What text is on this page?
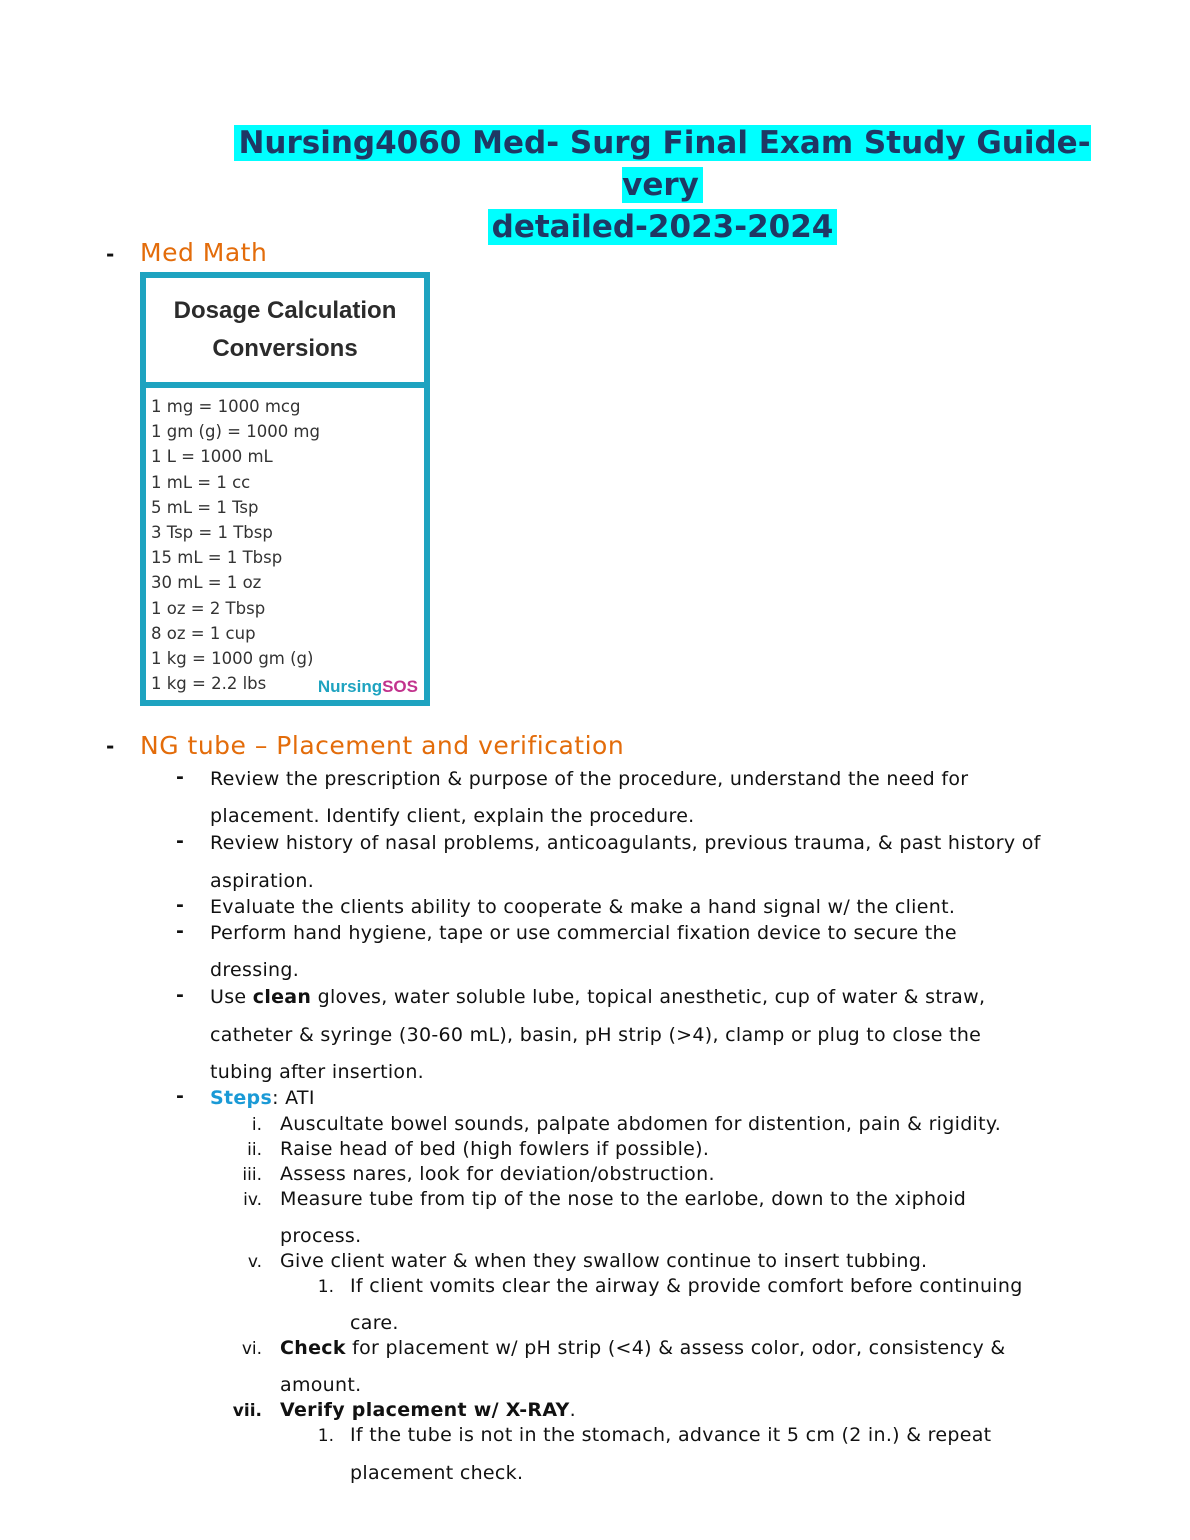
Nursing4060 Med- Surg Final Exam Study Guide-very
detailed-2023-2024
- Med Math
Dosage Calculation
Conversions
1 mg = 1000 mcg
1 gm (g) = 1000 mg
1 L = 1000 mL
1 mL = 1 cc
5 mL = 1 Tsp
3 Tsp = 1 Tbsp
15 mL = 1 Tbsp
30 mL = 1 oz
1 oz = 2 Tbsp
8 oz = 1 cup
1 kg = 1000 gm (g)
1 kg = 2.2 lbs	NursingSOS
- NG tube – Placement and verification
- Review the prescription & purpose of the procedure, understand the need for
placement. Identify client, explain the procedure.
- Review history of nasal problems, anticoagulants, previous trauma, & past history of
aspiration.
- Evaluate the clients ability to cooperate & make a hand signal w/ the client.
- Perform hand hygiene, tape or use commercial fixation device to secure the
dressing.
- Use clean gloves, water soluble lube, topical anesthetic, cup of water & straw,
catheter & syringe (30-60 mL), basin, pH strip (>4), clamp or plug to close the
tubing after insertion.
- Steps: ATI
i. Auscultate bowel sounds, palpate abdomen for distention, pain & rigidity.
ii. Raise head of bed (high fowlers if possible).
iii. Assess nares, look for deviation/obstruction.
iv. Measure tube from tip of the nose to the earlobe, down to the xiphoid
process.
v. Give client water & when they swallow continue to insert tubbing.
1. If client vomits clear the airway & provide comfort before continuing
care.
vi. Check for placement w/ pH strip (<4) & assess color, odor, consistency &
amount.
vii. Verify placement w/ X-RAY.
1. If the tube is not in the stomach, advance it 5 cm (2 in.) & repeat
placement check.
